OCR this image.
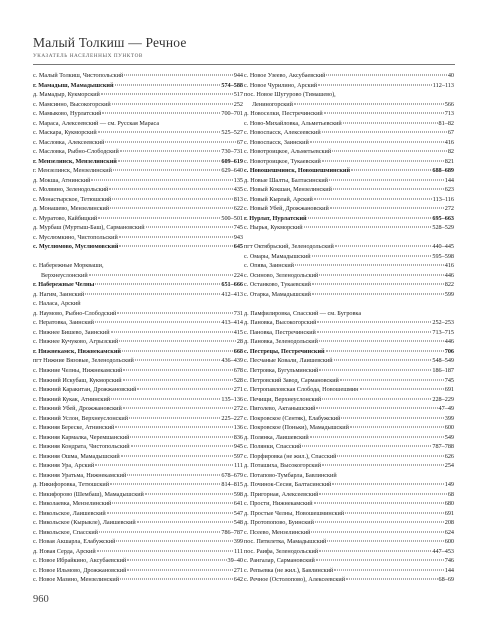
Малый Толкиш — Речное
УКАЗАТЕЛЬ НАСЕЛЕННЫХ ПУНКТОВ
с. Малый Толкиш, Чистопольский	944
г. Мамадыш, Мамадышский	574–588
д. Мамадыр, Кукморский	517
с. Мамсинно, Высокогорский	252
с. Мамыково, Нурлатский	700–701
с. Мараса, Алексеевский — см. Русская Мараса
с. Маскара, Кукморский	525–527
с. Масловка, Алексеевский	67
с. Масловка, Рыбно-Слободский	730–731
г. Мензелинск, Мензелинский	609–619
г. Мензелинск, Мензелинский	629–640
д. Мокша, Атнинский	135
с. Молвино, Зеленодольский	435
с. Монастырское, Тетюшский	813
д. Монашево, Мензелинский	622
с. Муратово, Кайбицкий	500–501
д. Мурбаш (Муртыш-Баш), Сармановский	745
с. Муслюмкино, Чистопольский	943
с. Муслюмово, Муслюмовский	645
с. Набережные Моркваши,
Верхнеуслонский	224
г. Набережные Челны	651–666
д. Нагим, Заинский	412–413
с. Наласа, Арский
д. Наумово, Рыбно-Слободский	731
с. Нератовка, Заинский	413–414
с. Нижнее Бишево, Заинский	415
с. Нижнее Кучуково, Агрызский	28
г. Нижнекамск, Нижнекамский	668
пгт Нижние Вязовые, Зеленодольский	436–439
с. Нижние Челны, Нижнекамский	678
с. Нижний Искубаш, Кукморский	528
с. Нижний Каракитан, Дрожжановский	271
с. Нижний Кукак, Атнинский	135–136
с. Нижний Убей, Дрожжановский	272
с. Нижний Услон, Верхнеуслонский	225–227
с. Нижняя Береске, Атнинский	136
с. Нижняя Кармалка, Черемшанский	836
с. Нижняя Кондрата, Чистопольский	945
с. Нижняя Ошма, Мамадышский	597
с. Нижняя Ура, Арский	111
с. Нижняя Уратьма, Нижнекамский	678–679
д. Никифоровка, Тетюшский	814–815
с. Никифорово (Шембаш), Мамадышский	598
с. Николаевка, Мензелинский	641
с. Никольское, Лаишевский	547
с. Никольское (Кырыкле), Лаишевский	548
с. Никольское, Спасский	786–787
с. Новая Акшарла, Елабужский	399
д. Новая Серда, Арский	111
с. Новое Ибрайкино, Аксубаевский	39–40
с. Новое Ильмово, Дрожжановский	271
с. Новое Мазино, Мензелинский	642
с. Новое Узеево, Аксубаевский	40
с. Новое Чурилино, Арский	112–113
пос. Новое Шугурово (Тимашево),
Лениногорский	566
д. Новоселки, Пестречинский	713
с. Ново-Михайловка, Альметьевский	81–82
с. Новоспасск, Алексеевский	67
с. Новоспасск, Заинский	416
с. Новотроицкое, Альметьевский	82
с. Новотроицкое, Тукаевский	821
с. Новошешминск, Новошешминский	688–689
д. Новые Шалты, Балтасинский	144
с. Новый Кокшан, Мензелинский	623
с. Новый Кырлай, Арский	113–116
с. Новый Убей, Дрожжановский	272
г. Нурлат, Нурлатский	695–663
с. Нырья, Кукморский	528–529
пгт Октябрьский, Зеленодольский	440–445
с. Омары, Мамадышский	595–598
с. Опява, Заинский	416
с. Осиново, Зеленодольский	446
с. Останково, Тукаевский	822
с. Отарка, Мамадышский	599
д. Памфилировка, Спасский — см. Бугровка
д. Пановка, Высокогорский	252–253
с. Пановка, Пестречинский	713–715
д. Пановка, Зеленодольский	446
с. Пестрецы, Пестречинский	706
с. Песчаные Ковали, Лаишевский	548–549
с. Петровка, Бугульминский	186–187
с. Петровский Завод, Сармановский	745
с. Петропавловская Слобода, Новошешмин	691
с. Печищи, Верхнеуслонский	228–229
с. Пиголево, Актанышский	47–49
с. Покровское (Сентяк), Елабужский	399
с. Покровское (Поньки), Мамадышский	600
д. Полянка, Лаишевский	549
с. Полянки, Спасский	787–788
с. Порфировка (не жил.), Спасский	626
д. Поташиха, Высокогорский	254
с. Потапово-Тумбарла, Бавлинский
д. Починок-Сесия, Балтасинский	149
д. Пригорная, Алексеевский	68
с. Прости, Нижнекамский	680
д. Простые Челны, Новошешминский	691
д. Протопопово, Буинский	208
с. Псеево, Мензелинский	624
пос. Пятилетка, Мамадышский	600
пос. Раифа, Зеленодольский	447–453
с. Рангалар, Сармановский	746
с. Репьевка (не жил.), Бавлинский	144
с. Речное (Остолопово), Алексеевский	68–69
960
